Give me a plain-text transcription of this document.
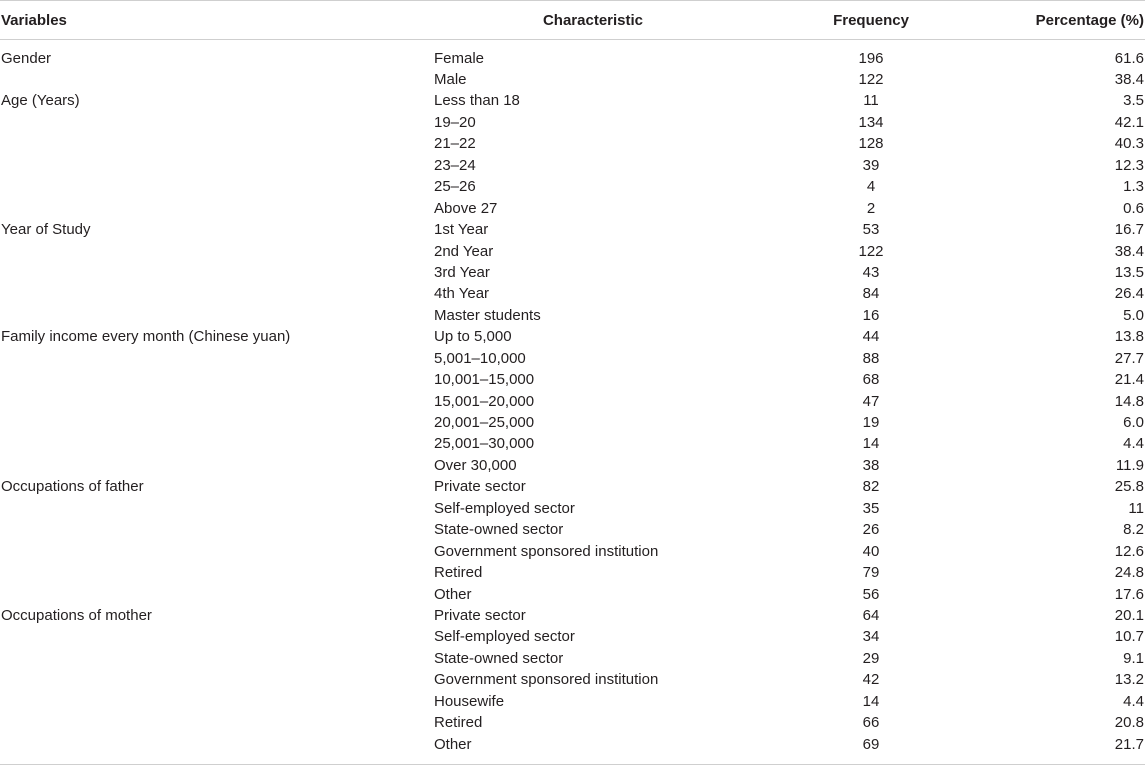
Variables	Characteristic	Frequency	Percentage (%)
Gender	Female	196	61.6
	Male	122	38.4
Age (Years)	Less than 18	11	3.5
	19–20	134	42.1
	21–22	128	40.3
	23–24	39	12.3
	25–26	4	1.3
	Above 27	2	0.6
Year of Study	1st Year	53	16.7
	2nd Year	122	38.4
	3rd Year	43	13.5
	4th Year	84	26.4
	Master students	16	5.0
Family income every month (Chinese yuan)	Up to 5,000	44	13.8
	5,001–10,000	88	27.7
	10,001–15,000	68	21.4
	15,001–20,000	47	14.8
	20,001–25,000	19	6.0
	25,001–30,000	14	4.4
	Over 30,000	38	11.9
Occupations of father	Private sector	82	25.8
	Self-employed sector	35	11
	State-owned sector	26	8.2
	Government sponsored institution	40	12.6
	Retired	79	24.8
	Other	56	17.6
Occupations of mother	Private sector	64	20.1
	Self-employed sector	34	10.7
	State-owned sector	29	9.1
	Government sponsored institution	42	13.2
	Housewife	14	4.4
	Retired	66	20.8
	Other	69	21.7
